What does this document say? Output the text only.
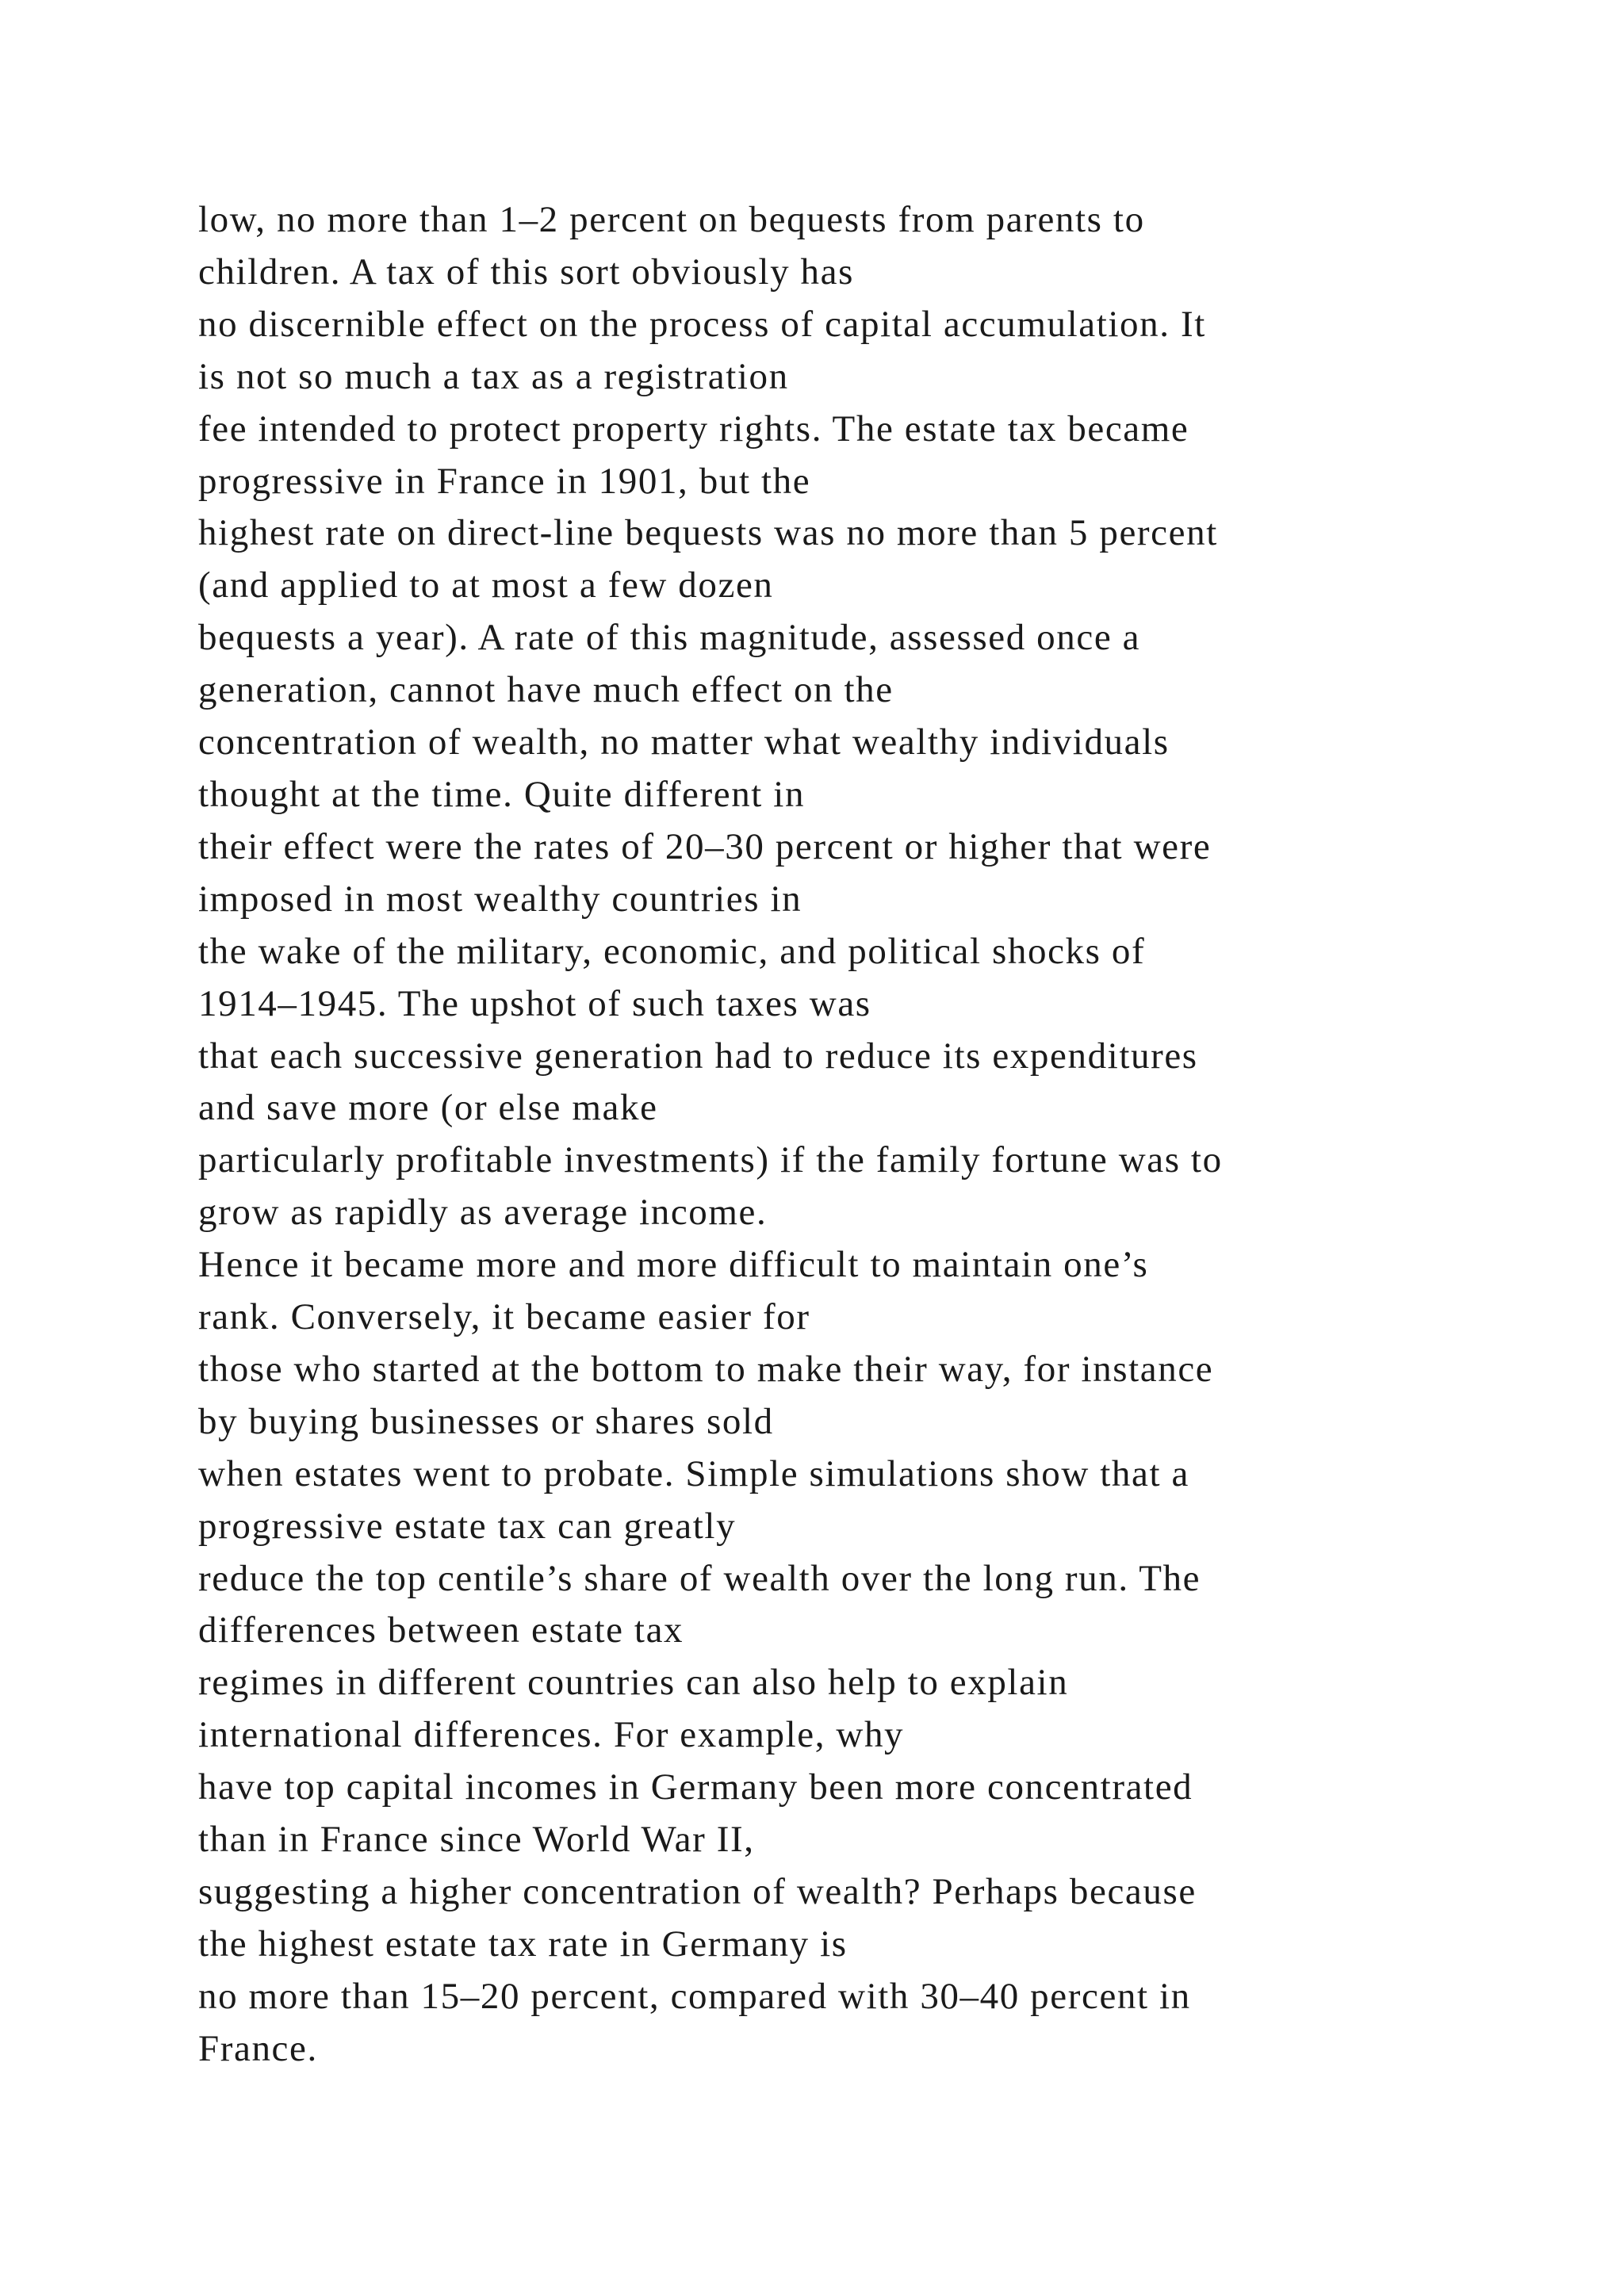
low, no more than 1–2 percent on bequests from parents to
children. A tax of this sort obviously has
no discernible effect on the process of capital accumulation. It
is not so much a tax as a registration
fee intended to protect property rights. The estate tax became
progressive in France in 1901, but the
highest rate on direct-line bequests was no more than 5 percent
(and applied to at most a few dozen
bequests a year). A rate of this magnitude, assessed once a
generation, cannot have much effect on the
concentration of wealth, no matter what wealthy individuals
thought at the time. Quite different in
their effect were the rates of 20–30 percent or higher that were
imposed in most wealthy countries in
the wake of the military, economic, and political shocks of
1914–1945. The upshot of such taxes was
that each successive generation had to reduce its expenditures
and save more (or else make
particularly profitable investments) if the family fortune was to
grow as rapidly as average income.
Hence it became more and more difficult to maintain one’s
rank. Conversely, it became easier for
those who started at the bottom to make their way, for instance
by buying businesses or shares sold
when estates went to probate. Simple simulations show that a
progressive estate tax can greatly
reduce the top centile’s share of wealth over the long run. The
differences between estate tax
regimes in different countries can also help to explain
international differences. For example, why
have top capital incomes in Germany been more concentrated
than in France since World War II,
suggesting a higher concentration of wealth? Perhaps because
the highest estate tax rate in Germany is
no more than 15–20 percent, compared with 30–40 percent in
France.
